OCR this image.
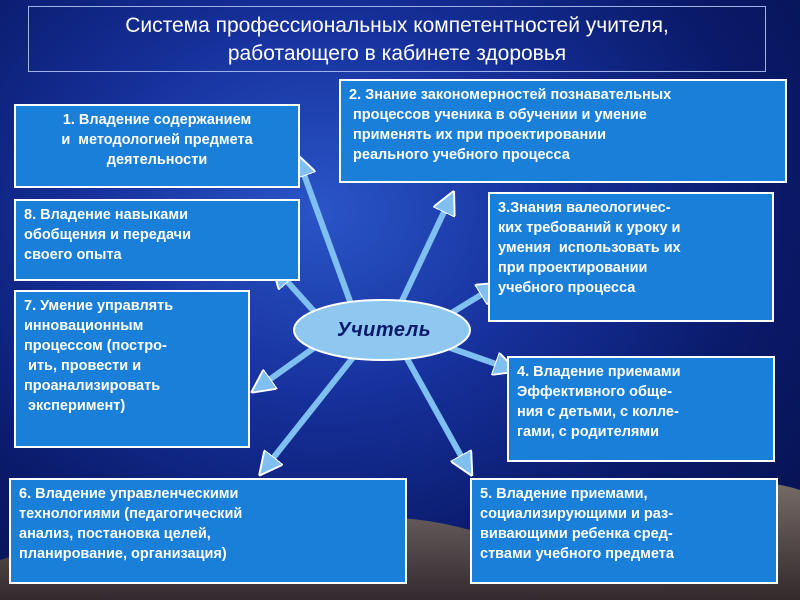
Система профессиональных компетентностей учителя,
работающего в кабинете здоровья
Учитель
1. Владение содержанием
и  методологией предмета
деятельности
2. Знание закономерностей познавательных
процессов ученика в обучении и умение
применять их при проектировании
реального учебного процесса
3.Знания валеологичес-
ких требований к уроку и
умения  использовать их
при проектировании
учебного процесса
4. Владение приемами
Эффективного обще-
ния с детьми, с колле-
гами, с родителями
5. Владение приемами,
социализирующими и раз-
вивающими ребенка сред-
ствами учебного предмета
6. Владение управленческими
технологиями (педагогический
анализ, постановка целей,
планирование, организация)
7. Умение управлять
инновационным
процессом (постро-
ить, провести и
проанализировать
эксперимент)
8. Владение навыками
обобщения и передачи
своего опыта
